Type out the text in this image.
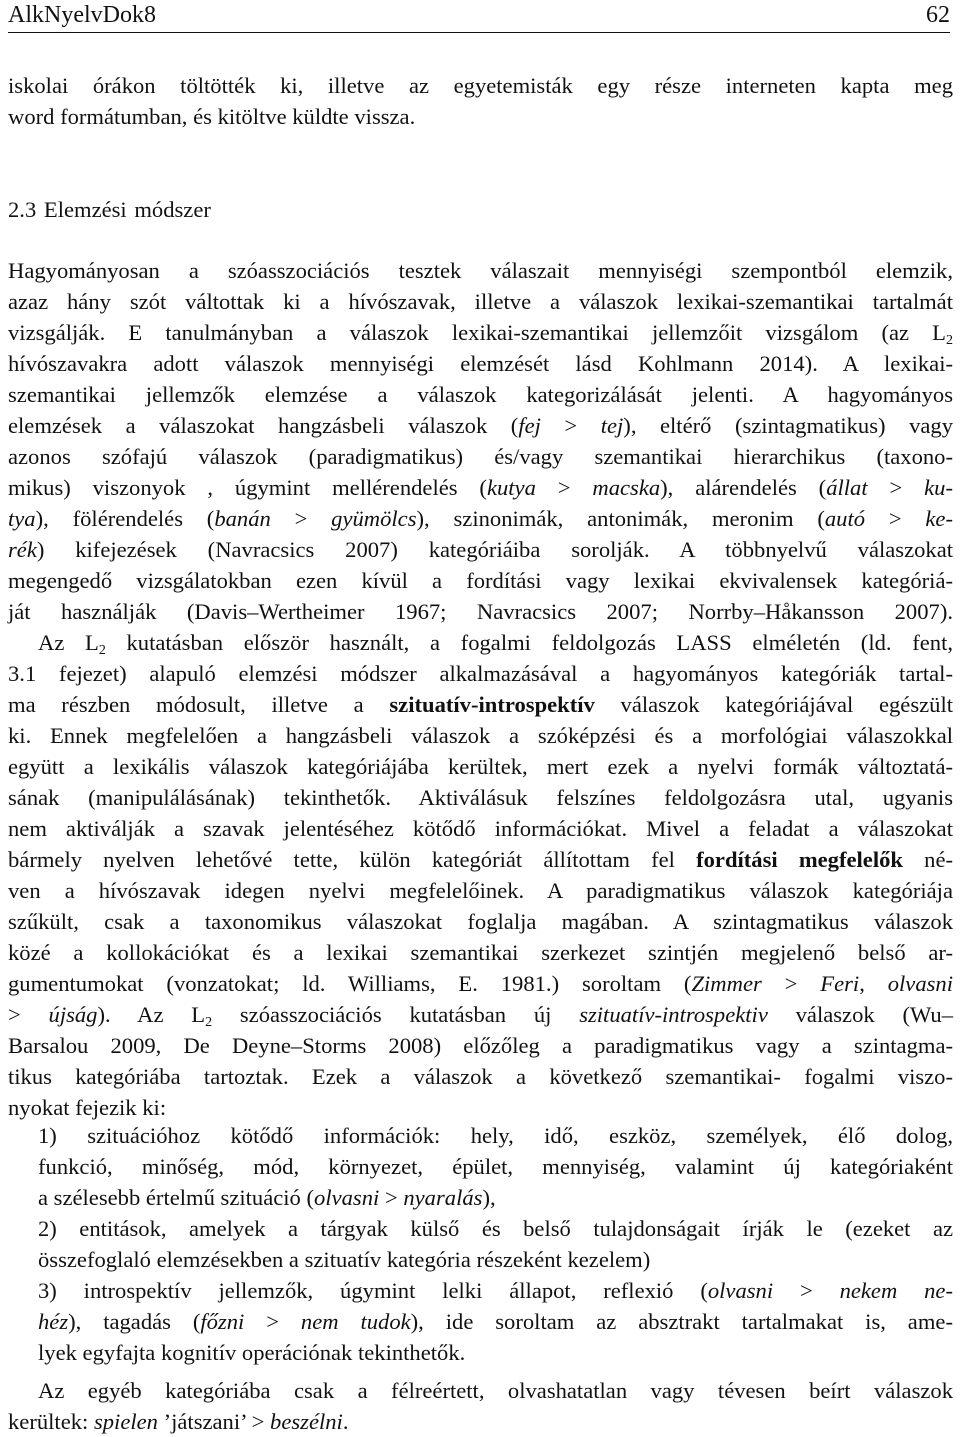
AlkNyelvDok8	62
iskolai órákon töltötték ki, illetve az egyetemisták egy része interneten kapta meg
word formátumban, és kitöltve küldte vissza.
2.3 Elemzési módszer
Hagyományosan a szóasszociációs tesztek válaszait mennyiségi szempontból elemzik,
azaz hány szót váltottak ki a hívószavak, illetve a válaszok lexikai-szemantikai tartalmát
vizsgálják. E tanulmányban a válaszok lexikai-szemantikai jellemzőit vizsgálom (az $L_2$
hívószavakra adott válaszok mennyiségi elemzését lásd Kohlmann 2014). A lexikai-
szemantikai jellemzők elemzése a válaszok kategorizálását jelenti. A hagyományos
elemzések a válaszokat hangzásbeli válaszok (fej > tej), eltérő (szintagmatikus) vagy
azonos szófajú válaszok (paradigmatikus) és/vagy szemantikai hierarchikus (taxono-
mikus) viszonyok , úgymint mellérendelés (kutya > macska), alárendelés (állat > ku-
tya), fölérendelés (banán > gyümölcs), szinonimák, antonimák, meronim (autó > ke-
rék) kifejezések (Navracsics 2007) kategóriáiba sorolják. A többnyelvű válaszokat
megengedő vizsgálatokban ezen kívül a fordítási vagy lexikai ekvivalensek kategóriá-
ját használják (Davis–Wertheimer 1967; Navracsics 2007; Norrby–Håkansson 2007).
Az $L_2$ kutatásban először használt, a fogalmi feldolgozás LASS elméletén (ld. fent,
3.1 fejezet) alapuló elemzési módszer alkalmazásával a hagyományos kategóriák tartal-
ma részben módosult, illetve a szituatív-introspektív válaszok kategóriájával egészült
ki. Ennek megfelelően a hangzásbeli válaszok a szóképzési és a morfológiai válaszokkal
együtt a lexikális válaszok kategóriájába kerültek, mert ezek a nyelvi formák változtatá-
sának (manipulálásának) tekinthetők. Aktiválásuk felszínes feldolgozásra utal, ugyanis
nem aktiválják a szavak jelentéséhez kötődő információkat. Mivel a feladat a válaszokat
bármely nyelven lehetővé tette, külön kategóriát állítottam fel fordítási megfelelők né-
ven a hívószavak idegen nyelvi megfelelőinek. A paradigmatikus válaszok kategóriája
szűkült, csak a taxonomikus válaszokat foglalja magában. A szintagmatikus válaszok
közé a kollokációkat és a lexikai szemantikai szerkezet szintjén megjelenő belső ar-
gumentumokat (vonzatokat; ld. Williams, E. 1981.) soroltam (Zimmer > Feri, olvasni
> újság). Az $L_2$ szóasszociációs kutatásban új szituatív-introspektiv válaszok (Wu–
Barsalou 2009, De Deyne–Storms 2008) előzőleg a paradigmatikus vagy a szintagma-
tikus kategóriába tartoztak. Ezek a válaszok a következő szemantikai- fogalmi viszo-
nyokat fejezik ki:
1) szituációhoz kötődő információk: hely, idő, eszköz, személyek, élő dolog,
funkció, minőség, mód, környezet, épület, mennyiség, valamint új kategóriaként
a szélesebb értelmű szituáció (olvasni > nyaralás),
2) entitások, amelyek a tárgyak külső és belső tulajdonságait írják le (ezeket az
összefoglaló elemzésekben a szituatív kategória részeként kezelem)
3) introspektív jellemzők, úgymint lelki állapot, reflexió (olvasni > nekem ne-
héz), tagadás (főzni > nem tudok), ide soroltam az absztrakt tartalmakat is, ame-
lyek egyfajta kognitív operációnak tekinthetők.
Az egyéb kategóriába csak a félreértett, olvashatatlan vagy tévesen beírt válaszok
kerültek: spielen ’játszani’ > beszélni.
